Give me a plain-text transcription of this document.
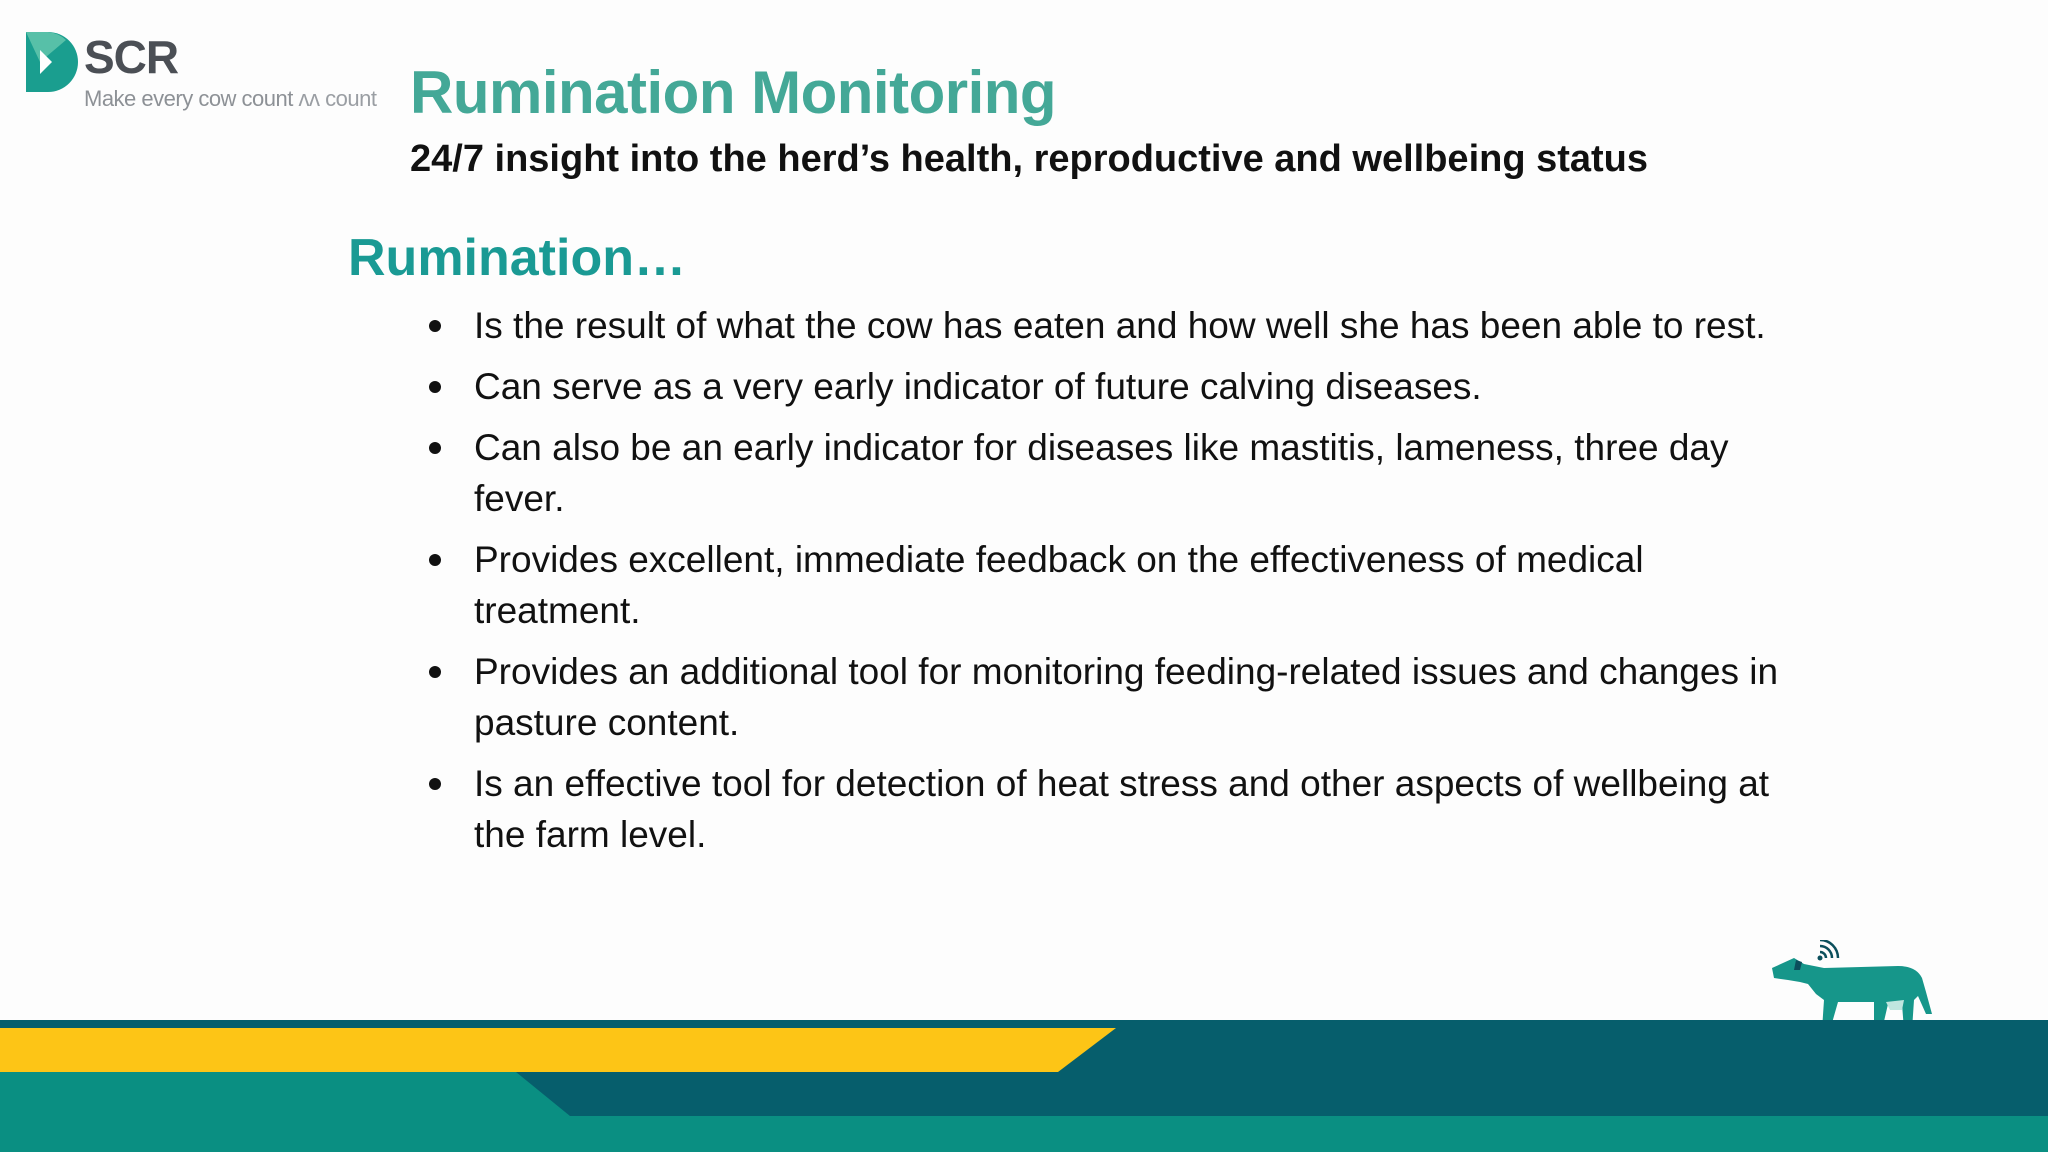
SCR
Make every cow count ʌʌ count Rumination Monitoring
24/7 insight into the herd’s health, reproductive and wellbeing status
Rumination…
Is the result of what the cow has eaten and how well she has been able to rest.
Can serve as a very early indicator of future calving diseases.
Can also be an early indicator for diseases like mastitis, lameness, three day fever.
Provides excellent, immediate feedback on the effectiveness of medical treatment.
Provides an additional tool for monitoring feeding-related issues and changes in pasture content.
Is an effective tool for detection of heat stress and other aspects of wellbeing at the farm level.
